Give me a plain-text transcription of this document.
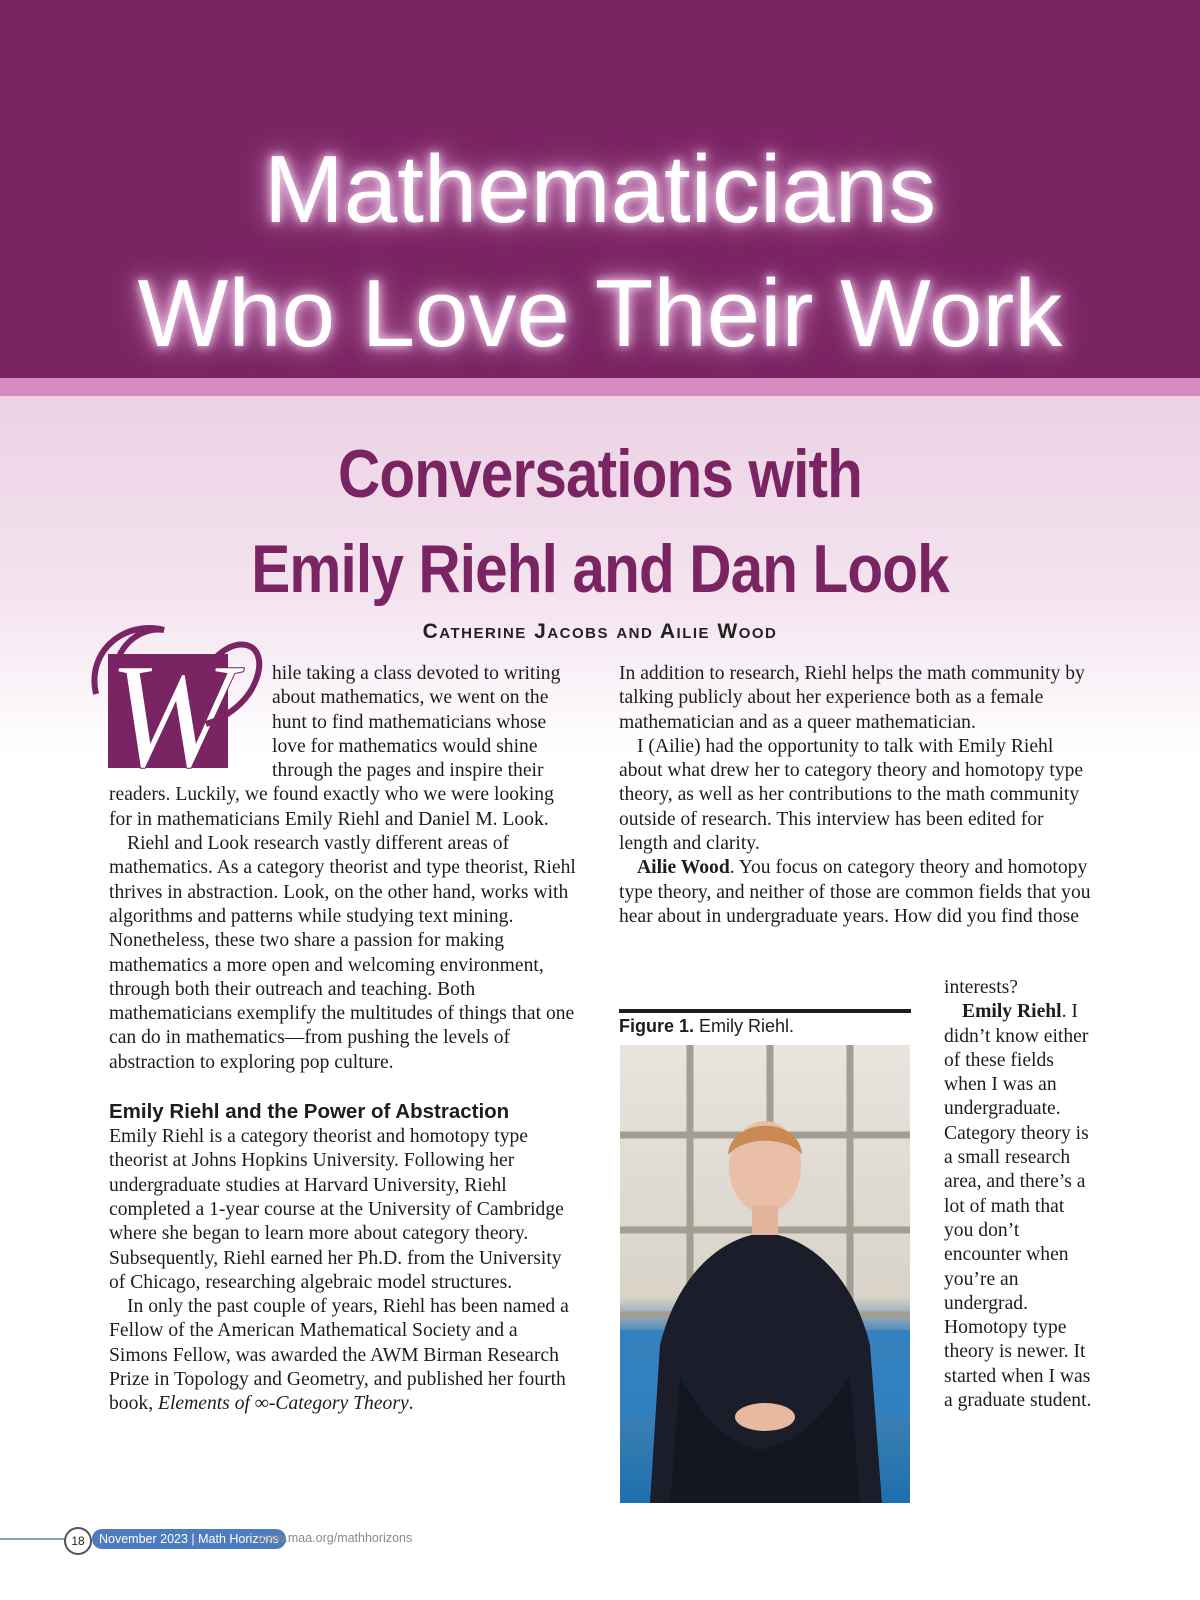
Mathematicians
Who Love Their Work
Conversations with
Emily Riehl and Dan Look
Catherine Jacobs and Ailie Wood
W	hile taking a class devoted to writing about mathematics, we went on the hunt to find mathematicians whose love for mathematics would shine through the pages and inspire their readers. Luckily, we found exactly who we were looking for in mathematicians Emily Riehl and Daniel M. Look.

Riehl and Look research vastly different areas of mathematics. As a category theorist and type theorist, Riehl thrives in abstraction. Look, on the other hand, works with algorithms and patterns while studying text mining. Nonetheless, these two share a passion for making mathematics a more open and welcoming environment, through both their outreach and teaching. Both mathematicians exemplify the multitudes of things that one can do in mathematics—from pushing the levels of abstraction to exploring pop culture.

Emily Riehl and the Power of Abstraction

Emily Riehl is a category theorist and homotopy type theorist at Johns Hopkins University. Following her undergraduate studies at Harvard University, Riehl completed a 1-year course at the University of Cambridge where she began to learn more about category theory. Subsequently, Riehl earned her Ph.D. from the University of Chicago, researching algebraic model structures.

In only the past couple of years, Riehl has been named a Fellow of the American Mathematical Society and a Simons Fellow, was awarded the AWM Birman Research Prize in Topology and Geometry, and published her fourth book, Elements of ∞-Category Theory.

In addition to research, Riehl helps the math community by talking publicly about her experience both as a female mathematician and as a queer mathematician.

I (Ailie) had the opportunity to talk with Emily Riehl about what drew her to category theory and homotopy type theory, as well as her contributions to the math community outside of research. This interview has been edited for length and clarity.

Ailie Wood. You focus on category theory and homotopy type theory, and neither of those are common fields that you hear about in undergraduate years. How did you find those

interests?

Emily Riehl. I didn’t know either of these fields when I was an undergraduate. Category theory is a small research area, and there’s a lot of math that you don’t encounter when you’re an undergrad. Homotopy type theory is newer. It started when I was a graduate student.

Figure 1. Emily Riehl.
18	November 2023 | Math Horizons
www.maa.org/mathhorizons
